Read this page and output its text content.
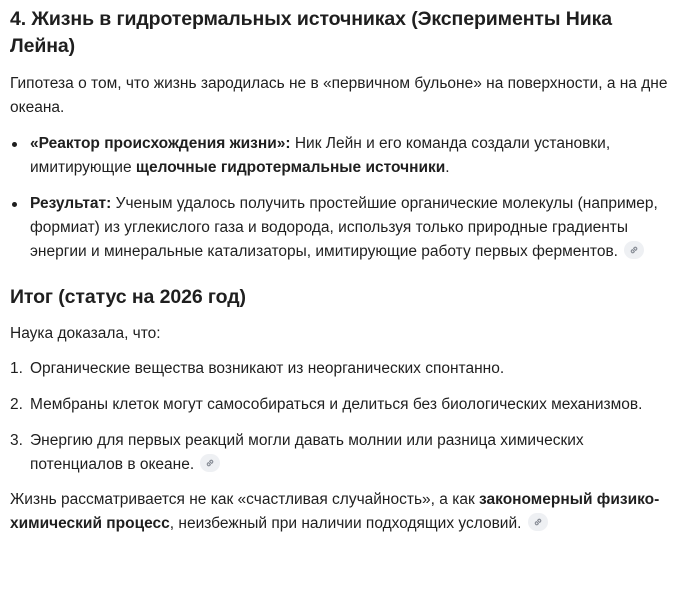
4. Жизнь в гидротермальных источниках (Эксперименты Ника Лейна)

Гипотеза о том, что жизнь зародилась не в «первичном бульоне» на поверхности, а на дне океана.

«Реактор происхождения жизни»: Ник Лейн и его команда создали установки, имитирующие щелочные гидротермальные источники.
Результат: Ученым удалось получить простейшие органические молекулы (например, формиат) из углекислого газа и водорода, используя только природные градиенты энергии и минеральные катализаторы, имитирующие работу первых ферментов.
Итог (статус на 2026 год)

Наука доказала, что:

1. Органические вещества возникают из неорганических спонтанно.
2. Мембраны клеток могут самособираться и делиться без биологических механизмов.
3. Энергию для первых реакций могли давать молнии или разница химических потенциалов в океане.

Жизнь рассматривается не как «счастливая случайность», а как закономерный физико-химический процесс, неизбежный при наличии подходящих условий.
